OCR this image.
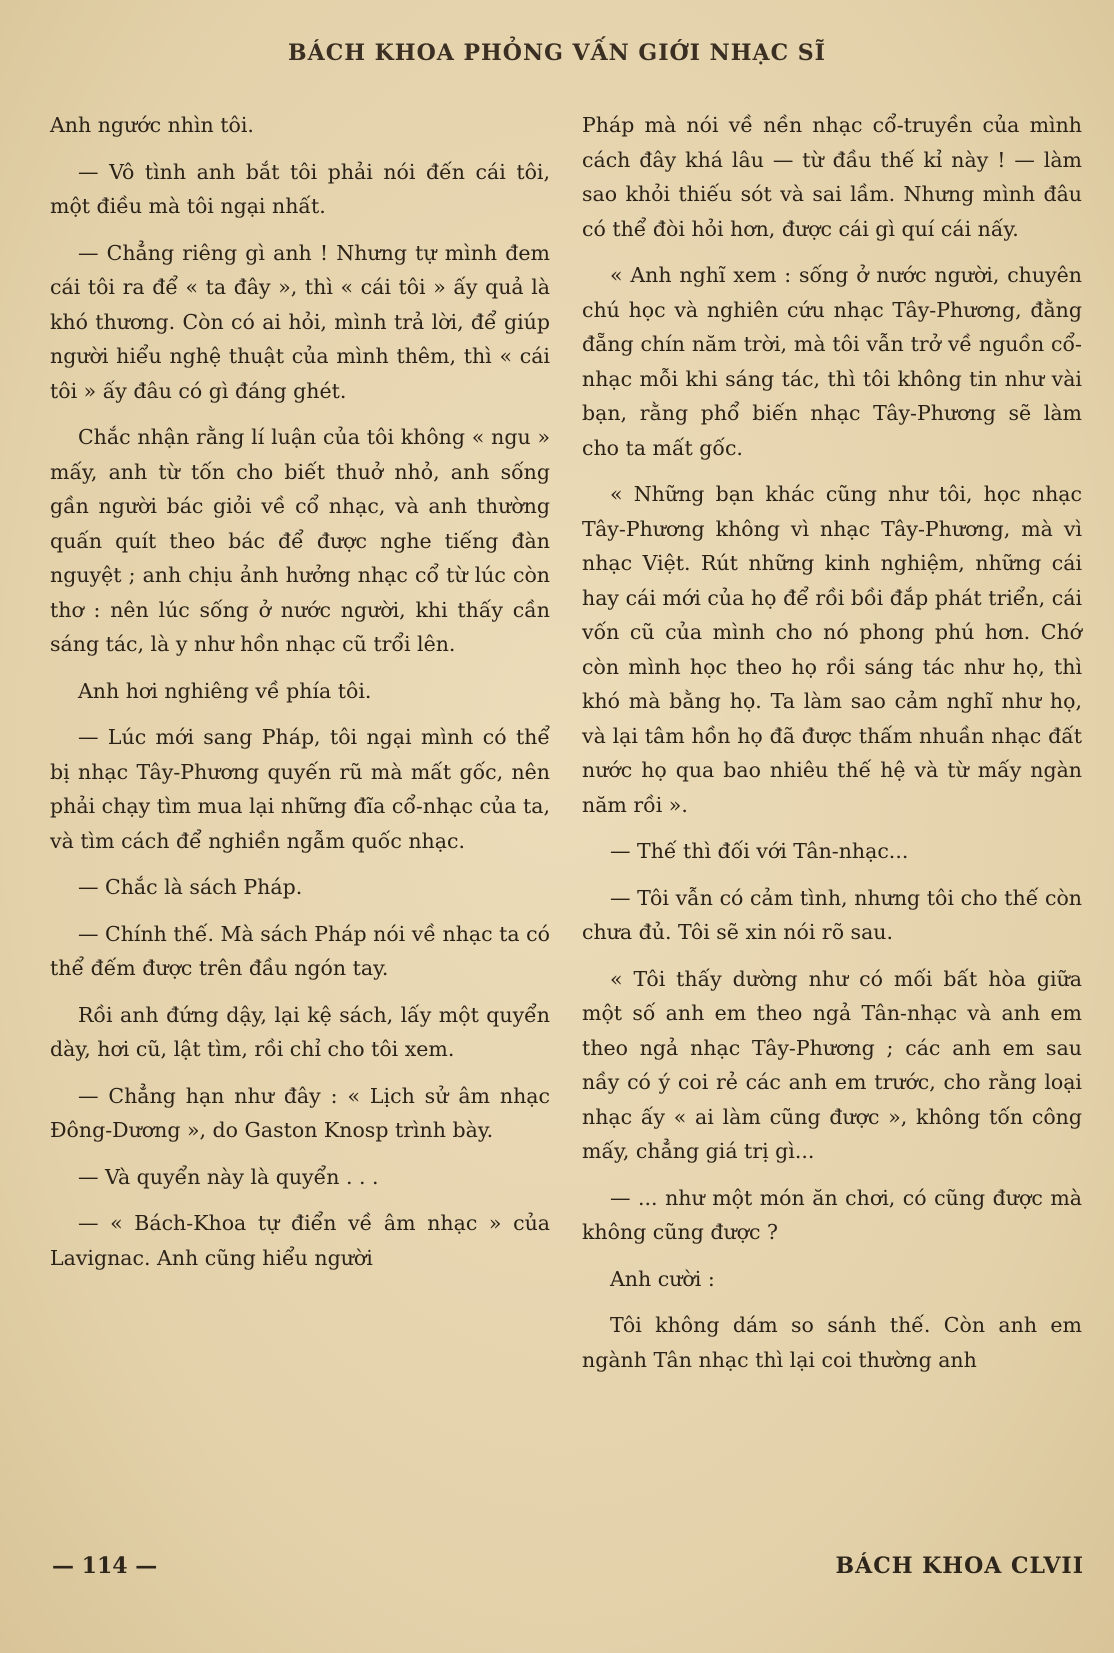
BÁCH KHOA PHỎNG VẤN GIỚI NHẠC SĨ

Anh ngước nhìn tôi.

— Vô tình anh bắt tôi phải nói đến cái tôi, một điều mà tôi ngại nhất.

— Chẳng riêng gì anh ! Nhưng tự mình đem cái tôi ra để « ta đây », thì « cái tôi » ấy quả là khó thương. Còn có ai hỏi, mình trả lời, để giúp người hiểu nghệ thuật của mình thêm, thì « cái tôi » ấy đâu có gì đáng ghét.

Chắc nhận rằng lí luận của tôi không « ngu » mấy, anh từ tốn cho biết thuở nhỏ, anh sống gần người bác giỏi về cổ nhạc, và anh thường quấn quít theo bác để được nghe tiếng đàn nguyệt ; anh chịu ảnh hưởng nhạc cổ từ lúc còn thơ : nên lúc sống ở nước người, khi thấy cần sáng tác, là y như hồn nhạc cũ trổi lên.

Anh hơi nghiêng về phía tôi.

— Lúc mới sang Pháp, tôi ngại mình có thể bị nhạc Tây-Phương quyến rũ mà mất gốc, nên phải chạy tìm mua lại những đĩa cổ-nhạc của ta, và tìm cách để nghiền ngẫm quốc nhạc.

— Chắc là sách Pháp.

— Chính thế. Mà sách Pháp nói về nhạc ta có thể đếm được trên đầu ngón tay.

Rồi anh đứng dậy, lại kệ sách, lấy một quyển dày, hơi cũ, lật tìm, rồi chỉ cho tôi xem.

— Chẳng hạn như đây : « Lịch sử âm nhạc Đông-Dương », do Gaston Knosp trình bày.

— Và quyển này là quyển . . .

— « Bách-Khoa tự điển về âm nhạc » của Lavignac. Anh cũng hiểu người

Pháp mà nói về nền nhạc cổ-truyền của mình cách đây khá lâu — từ đầu thế kỉ này ! — làm sao khỏi thiếu sót và sai lầm. Nhưng mình đâu có thể đòi hỏi hơn, được cái gì quí cái nấy.

« Anh nghĩ xem : sống ở nước người, chuyên chú học và nghiên cứu nhạc Tây-Phương, đằng đẵng chín năm trời, mà tôi vẫn trở về nguồn cổ-nhạc mỗi khi sáng tác, thì tôi không tin như vài bạn, rằng phổ biến nhạc Tây-Phương sẽ làm cho ta mất gốc.

« Những bạn khác cũng như tôi, học nhạc Tây-Phương không vì nhạc Tây-Phương, mà vì nhạc Việt. Rút những kinh nghiệm, những cái hay cái mới của họ để rồi bồi đắp phát triển, cái vốn cũ của mình cho nó phong phú hơn. Chớ còn mình học theo họ rồi sáng tác như họ, thì khó mà bằng họ. Ta làm sao cảm nghĩ như họ, và lại tâm hồn họ đã được thấm nhuần nhạc đất nước họ qua bao nhiêu thế hệ và từ mấy ngàn năm rồi ».

— Thế thì đối với Tân-nhạc...

— Tôi vẫn có cảm tình, nhưng tôi cho thế còn chưa đủ. Tôi sẽ xin nói rõ sau.

« Tôi thấy dường như có mối bất hòa giữa một số anh em theo ngả Tân-nhạc và anh em theo ngả nhạc Tây-Phương ; các anh em sau nầy có ý coi rẻ các anh em trước, cho rằng loại nhạc ấy « ai làm cũng được », không tốn công mấy, chẳng giá trị gì...

— ... như một món ăn chơi, có cũng được mà không cũng được ?

Anh cười :

Tôi không dám so sánh thế. Còn anh em ngành Tân nhạc thì lại coi thường anh

— 114 —	BÁCH KHOA CLVII
